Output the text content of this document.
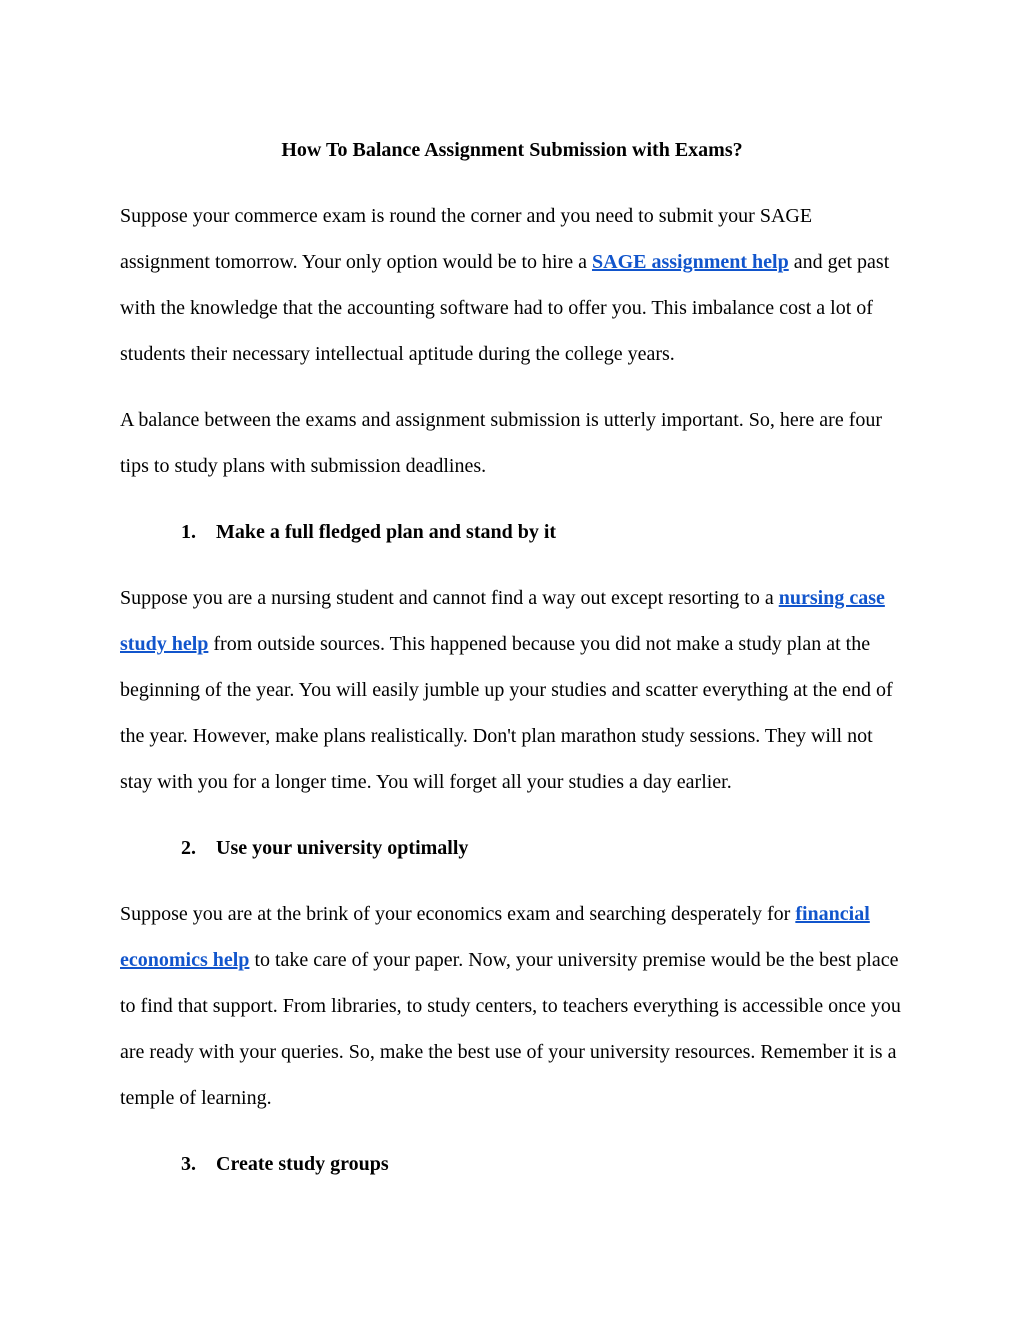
How To Balance Assignment Submission with Exams?

Suppose your commerce exam is round the corner and you need to submit your SAGE assignment tomorrow. Your only option would be to hire a SAGE assignment help and get past with the knowledge that the accounting software had to offer you. This imbalance cost a lot of students their necessary intellectual aptitude during the college years.

A balance between the exams and assignment submission is utterly important. So, here are four tips to study plans with submission deadlines.

1. Make a full fledged plan and stand by it

Suppose you are a nursing student and cannot find a way out except resorting to a nursing case study help from outside sources. This happened because you did not make a study plan at the beginning of the year. You will easily jumble up your studies and scatter everything at the end of the year. However, make plans realistically. Don't plan marathon study sessions. They will not stay with you for a longer time. You will forget all your studies a day earlier.

2. Use your university optimally

Suppose you are at the brink of your economics exam and searching desperately for financial economics help to take care of your paper. Now, your university premise would be the best place to find that support. From libraries, to study centers, to teachers everything is accessible once you are ready with your queries. So, make the best use of your university resources. Remember it is a temple of learning.

3. Create study groups
